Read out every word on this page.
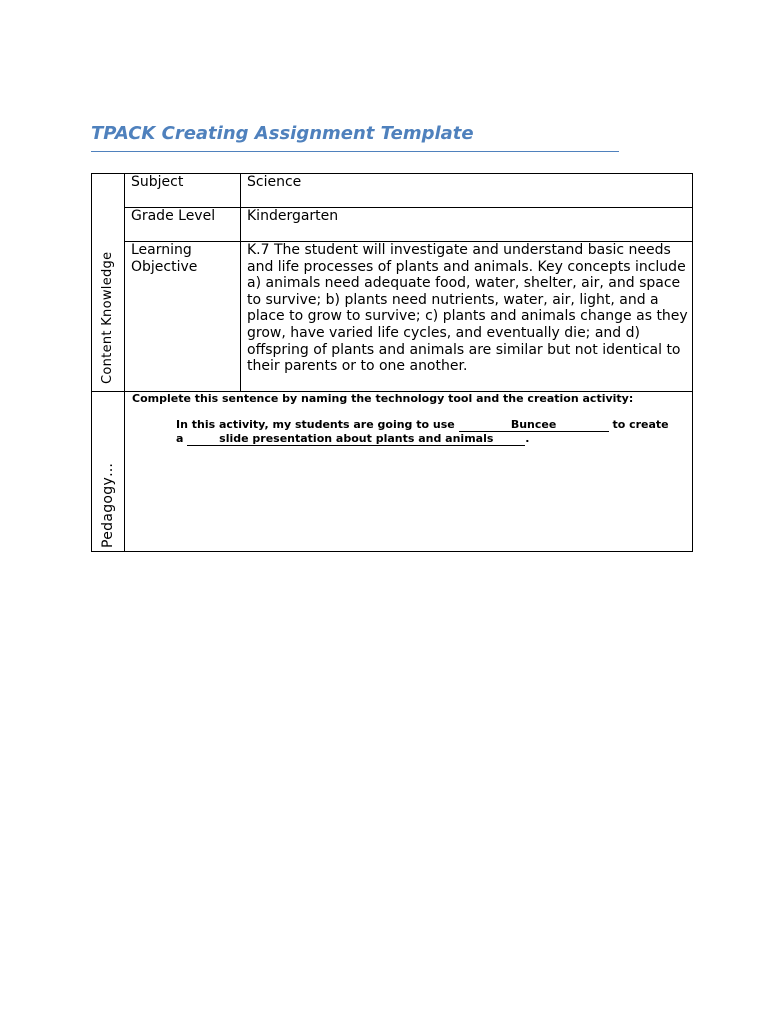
TPACK Creating Assignment Template
Content Knowledge	Subject	Science

	Grade Level	Kindergarten

	Learning Objective	K.7 The student will investigate and understand basic needs and life processes of plants and animals. Key concepts include a) animals need adequate food, water, shelter, air, and space to survive; b) plants need nutrients, water, air, light, and a place to grow to survive; c) plants and animals change as they grow, have varied life cycles, and eventually die; and d) offspring of plants and animals are similar but not identical to their parents or to one another.

Pedagogy…	Complete this sentence by naming the technology tool and the creation activity:
In this activity, my students are going to use Buncee to create
a slide presentation about plants and animals .	
